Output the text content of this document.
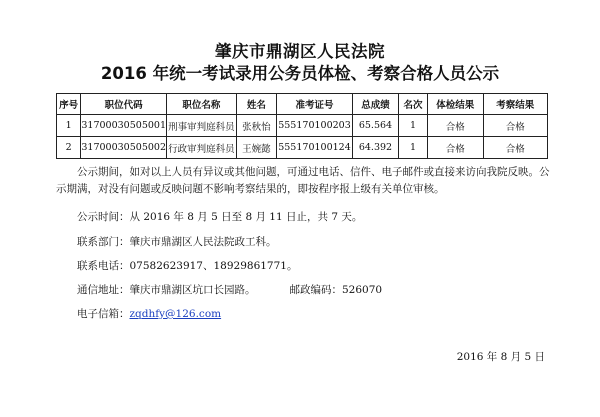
肇庆市鼎湖区人民法院
2016 年统一考试录用公务员体检、考察合格人员公示
序号	职位代码	职位名称	姓名	准考证号	总成绩	名次	体检结果	考察结果
1	31700030505001	刑事审判庭科员	张秋怡	555170100203	65.564	1	合格	合格
2	31700030505002	行政审判庭科员	王婉懿	555170100124	64.392	1	合格	合格
公示期间，如对以上人员有异议或其他问题，可通过电话、信件、电子邮件或直接来访向我院反映。公示期满，对没有问题或反映问题不影响考察结果的，即按程序报上级有关单位审核。
公示时间：从 2016 年 8 月 5 日至 8 月 11 日止，共 7 天。
联系部门：肇庆市鼎湖区人民法院政工科。
联系电话：07582623917、18929861771。
通信地址：肇庆市鼎湖区坑口长园路。	邮政编码：526070
电子信箱：zqdhfy@126.com
2016 年 8 月 5 日
